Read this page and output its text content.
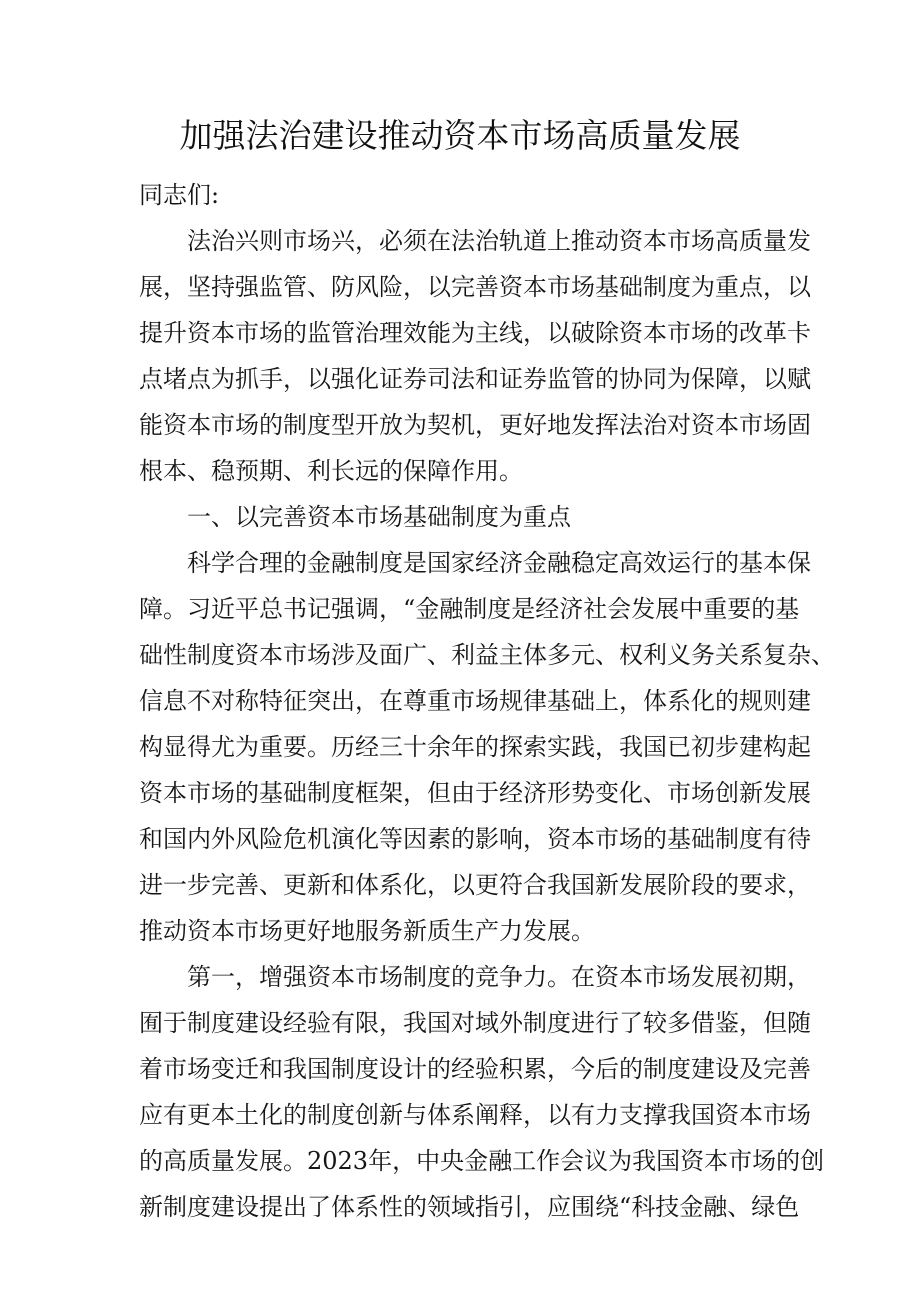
加强法治建设推动资本市场高质量发展

同志们:

法治兴则市场兴，必须在法治轨道上推动资本市场高质量发

展，坚持强监管、防风险，以完善资本市场基础制度为重点，以

提升资本市场的监管治理效能为主线，以破除资本市场的改革卡

点堵点为抓手，以强化证券司法和证券监管的协同为保障，以赋

能资本市场的制度型开放为契机，更好地发挥法治对资本市场固

根本、稳预期、利长远的保障作用。

一、以完善资本市场基础制度为重点

科学合理的金融制度是国家经济金融稳定高效运行的基本保

障。习近平总书记强调，“金融制度是经济社会发展中重要的基

础性制度资本市场涉及面广、利益主体多元、权利义务关系复杂、

信息不对称特征突出，在尊重市场规律基础上，体系化的规则建

构显得尤为重要。历经三十余年的探索实践，我国已初步建构起

资本市场的基础制度框架，但由于经济形势变化、市场创新发展

和国内外风险危机演化等因素的影响，资本市场的基础制度有待

进一步完善、更新和体系化，以更符合我国新发展阶段的要求，

推动资本市场更好地服务新质生产力发展。

第一，增强资本市场制度的竞争力。在资本市场发展初期，

囿于制度建设经验有限，我国对域外制度进行了较多借鉴，但随

着市场变迁和我国制度设计的经验积累，今后的制度建设及完善

应有更本土化的制度创新与体系阐释，以有力支撑我国资本市场

的高质量发展。2023年，中央金融工作会议为我国资本市场的创

新制度建设提出了体系性的领域指引，应围绕“科技金融、绿色
